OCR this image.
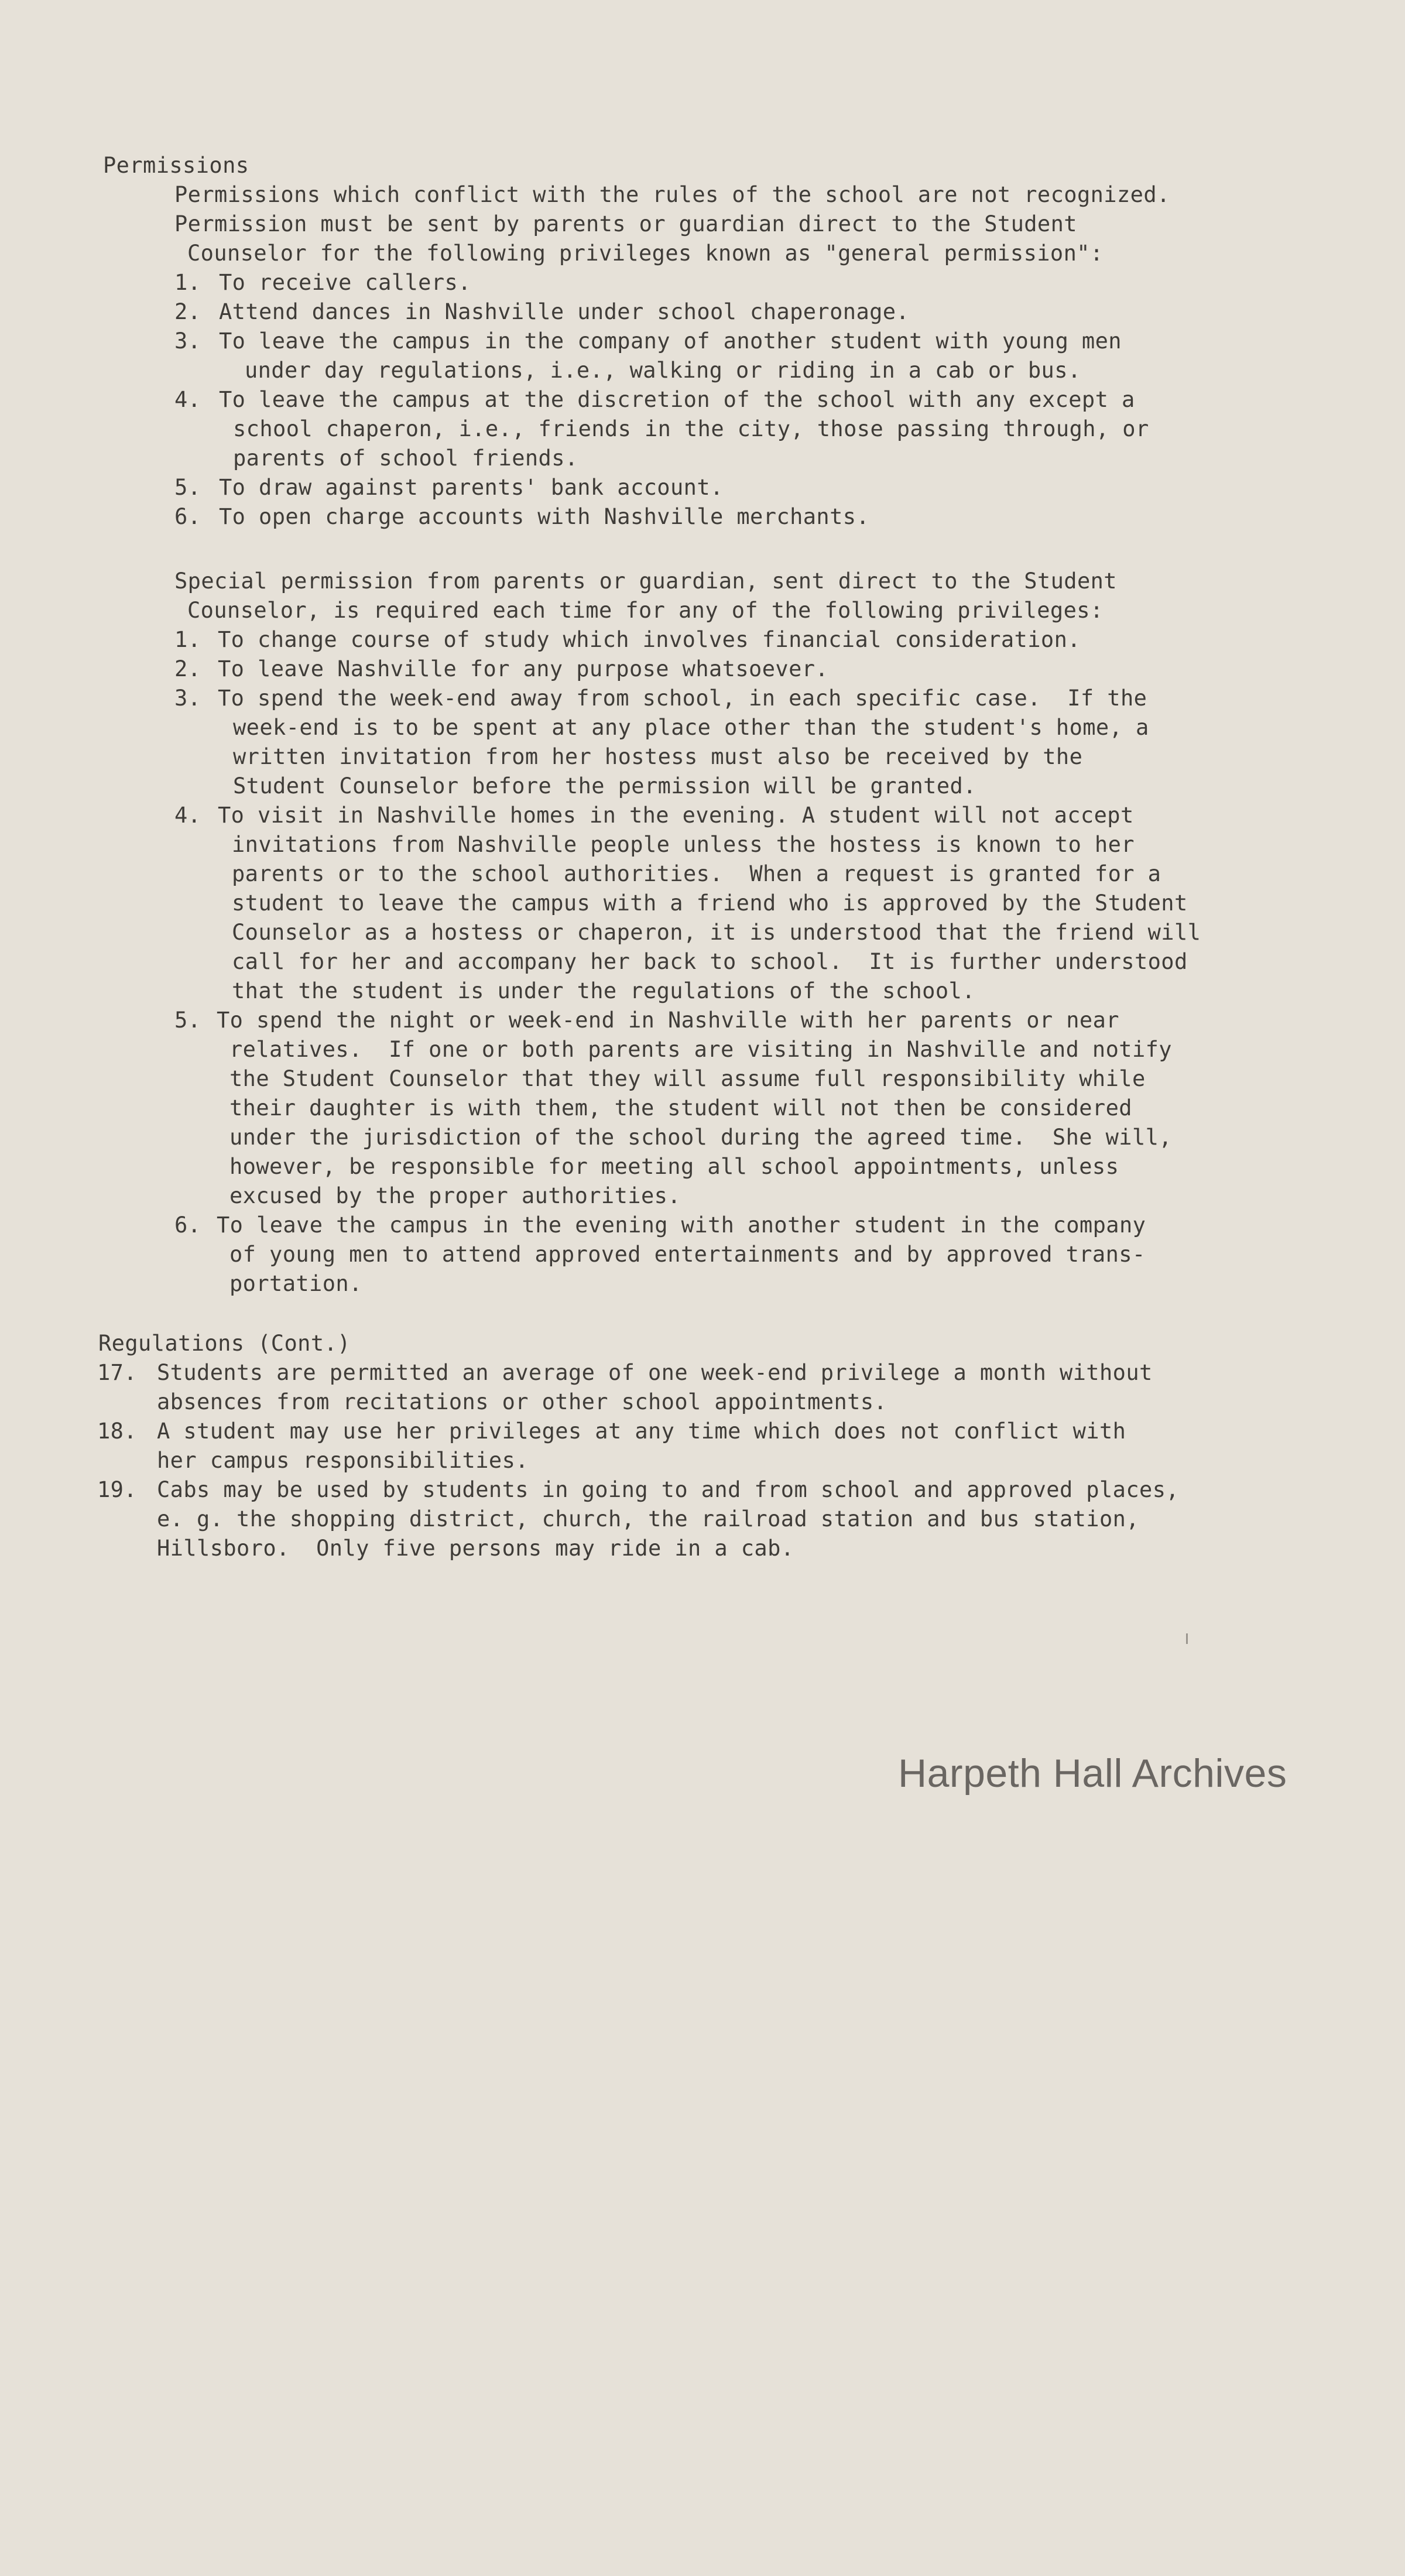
Permissions

Permissions which conflict with the rules of the school are not recognized.

Permission must be sent by parents or guardian direct to the Student

Counselor for the following privileges known as "general permission":

1.

To receive callers.

2.

Attend dances in Nashville under school chaperonage.

3.

To leave the campus in the company of another student with young men

under day regulations, i.e., walking or riding in a cab or bus.

4.

To leave the campus at the discretion of the school with any except a

school chaperon, i.e., friends in the city, those passing through, or

parents of school friends.

5.

To draw against parents' bank account.

6.

To open charge accounts with Nashville merchants.

Special permission from parents or guardian, sent direct to the Student

Counselor, is required each time for any of the following privileges:

1.

To change course of study which involves financial consideration.

2.

To leave Nashville for any purpose whatsoever.

3.

To spend the week-end away from school, in each specific case.  If the

week-end is to be spent at any place other than the student's home, a

written invitation from her hostess must also be received by the

Student Counselor before the permission will be granted.

4.

To visit in Nashville homes in the evening. A student will not accept

invitations from Nashville people unless the hostess is known to her

parents or to the school authorities.  When a request is granted for a

student to leave the campus with a friend who is approved by the Student

Counselor as a hostess or chaperon, it is understood that the friend will

call for her and accompany her back to school.  It is further understood

that the student is under the regulations of the school.

5.

To spend the night or week-end in Nashville with her parents or near

relatives.  If one or both parents are visiting in Nashville and notify

the Student Counselor that they will assume full responsibility while

their daughter is with them, the student will not then be considered

under the jurisdiction of the school during the agreed time.  She will,

however, be responsible for meeting all school appointments, unless

excused by the proper authorities.

6.

To leave the campus in the evening with another student in the company

of young men to attend approved entertainments and by approved trans-

portation.

Regulations (Cont.)

17.

Students are permitted an average of one week-end privilege a month without

absences from recitations or other school appointments.

18.

A student may use her privileges at any time which does not conflict with

her campus responsibilities.

19.

Cabs may be used by students in going to and from school and approved places,

e. g. the shopping district, church, the railroad station and bus station,

Hillsboro.  Only five persons may ride in a cab.

Harpeth Hall Archives
